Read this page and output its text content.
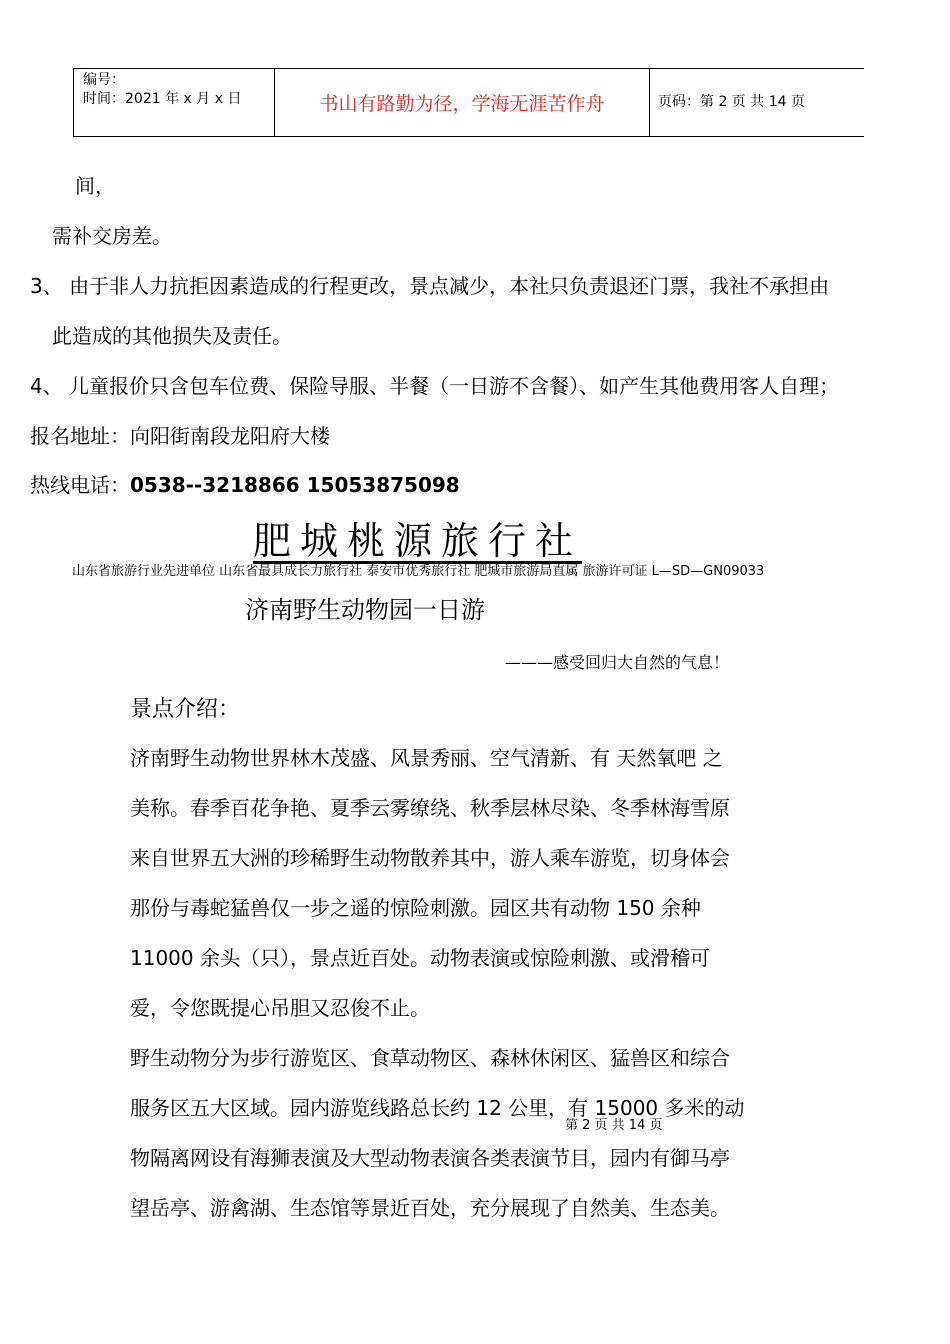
编号：
时间：2021 年 x 月 x 日	书山有路勤为径，学海无涯苦作舟	页码：第 2 页 共 14 页
间，
需补交房差。
3、 由于非人力抗拒因素造成的行程更改，景点减少，本社只负责退还门票，我社不承担由
此造成的其他损失及责任。
4、 儿童报价只含包车位费、保险导服、半餐（一日游不含餐）、如产生其他费用客人自理；
报名地址：向阳街南段龙阳府大楼
热线电话：0538--3218866 15053875098
肥城桃源旅行社
山东省旅游行业先进单位 山东省最具成长力旅行社 泰安市优秀旅行社 肥城市旅游局直属 旅游许可证 L—SD—GN09033
济南野生动物园一日游
———感受回归大自然的气息！
景点介绍：
济南野生动物世界林木茂盛、风景秀丽、空气清新、有 天然氧吧 之
美称。春季百花争艳、夏季云雾缭绕、秋季层林尽染、冬季林海雪原
来自世界五大洲的珍稀野生动物散养其中，游人乘车游览，切身体会
那份与毒蛇猛兽仅一步之遥的惊险刺激。园区共有动物 150 余种
11000 余头（只），景点近百处。动物表演或惊险刺激、或滑稽可
爱，令您既提心吊胆又忍俊不止。
野生动物分为步行游览区、食草动物区、森林休闲区、猛兽区和综合
服务区五大区域。园内游览线路总长约 12 公里，有 15000 多米的动
第 2 页 共 14 页
物隔离网设有海狮表演及大型动物表演各类表演节目，园内有御马亭
望岳亭、游禽湖、生态馆等景近百处，充分展现了自然美、生态美。
